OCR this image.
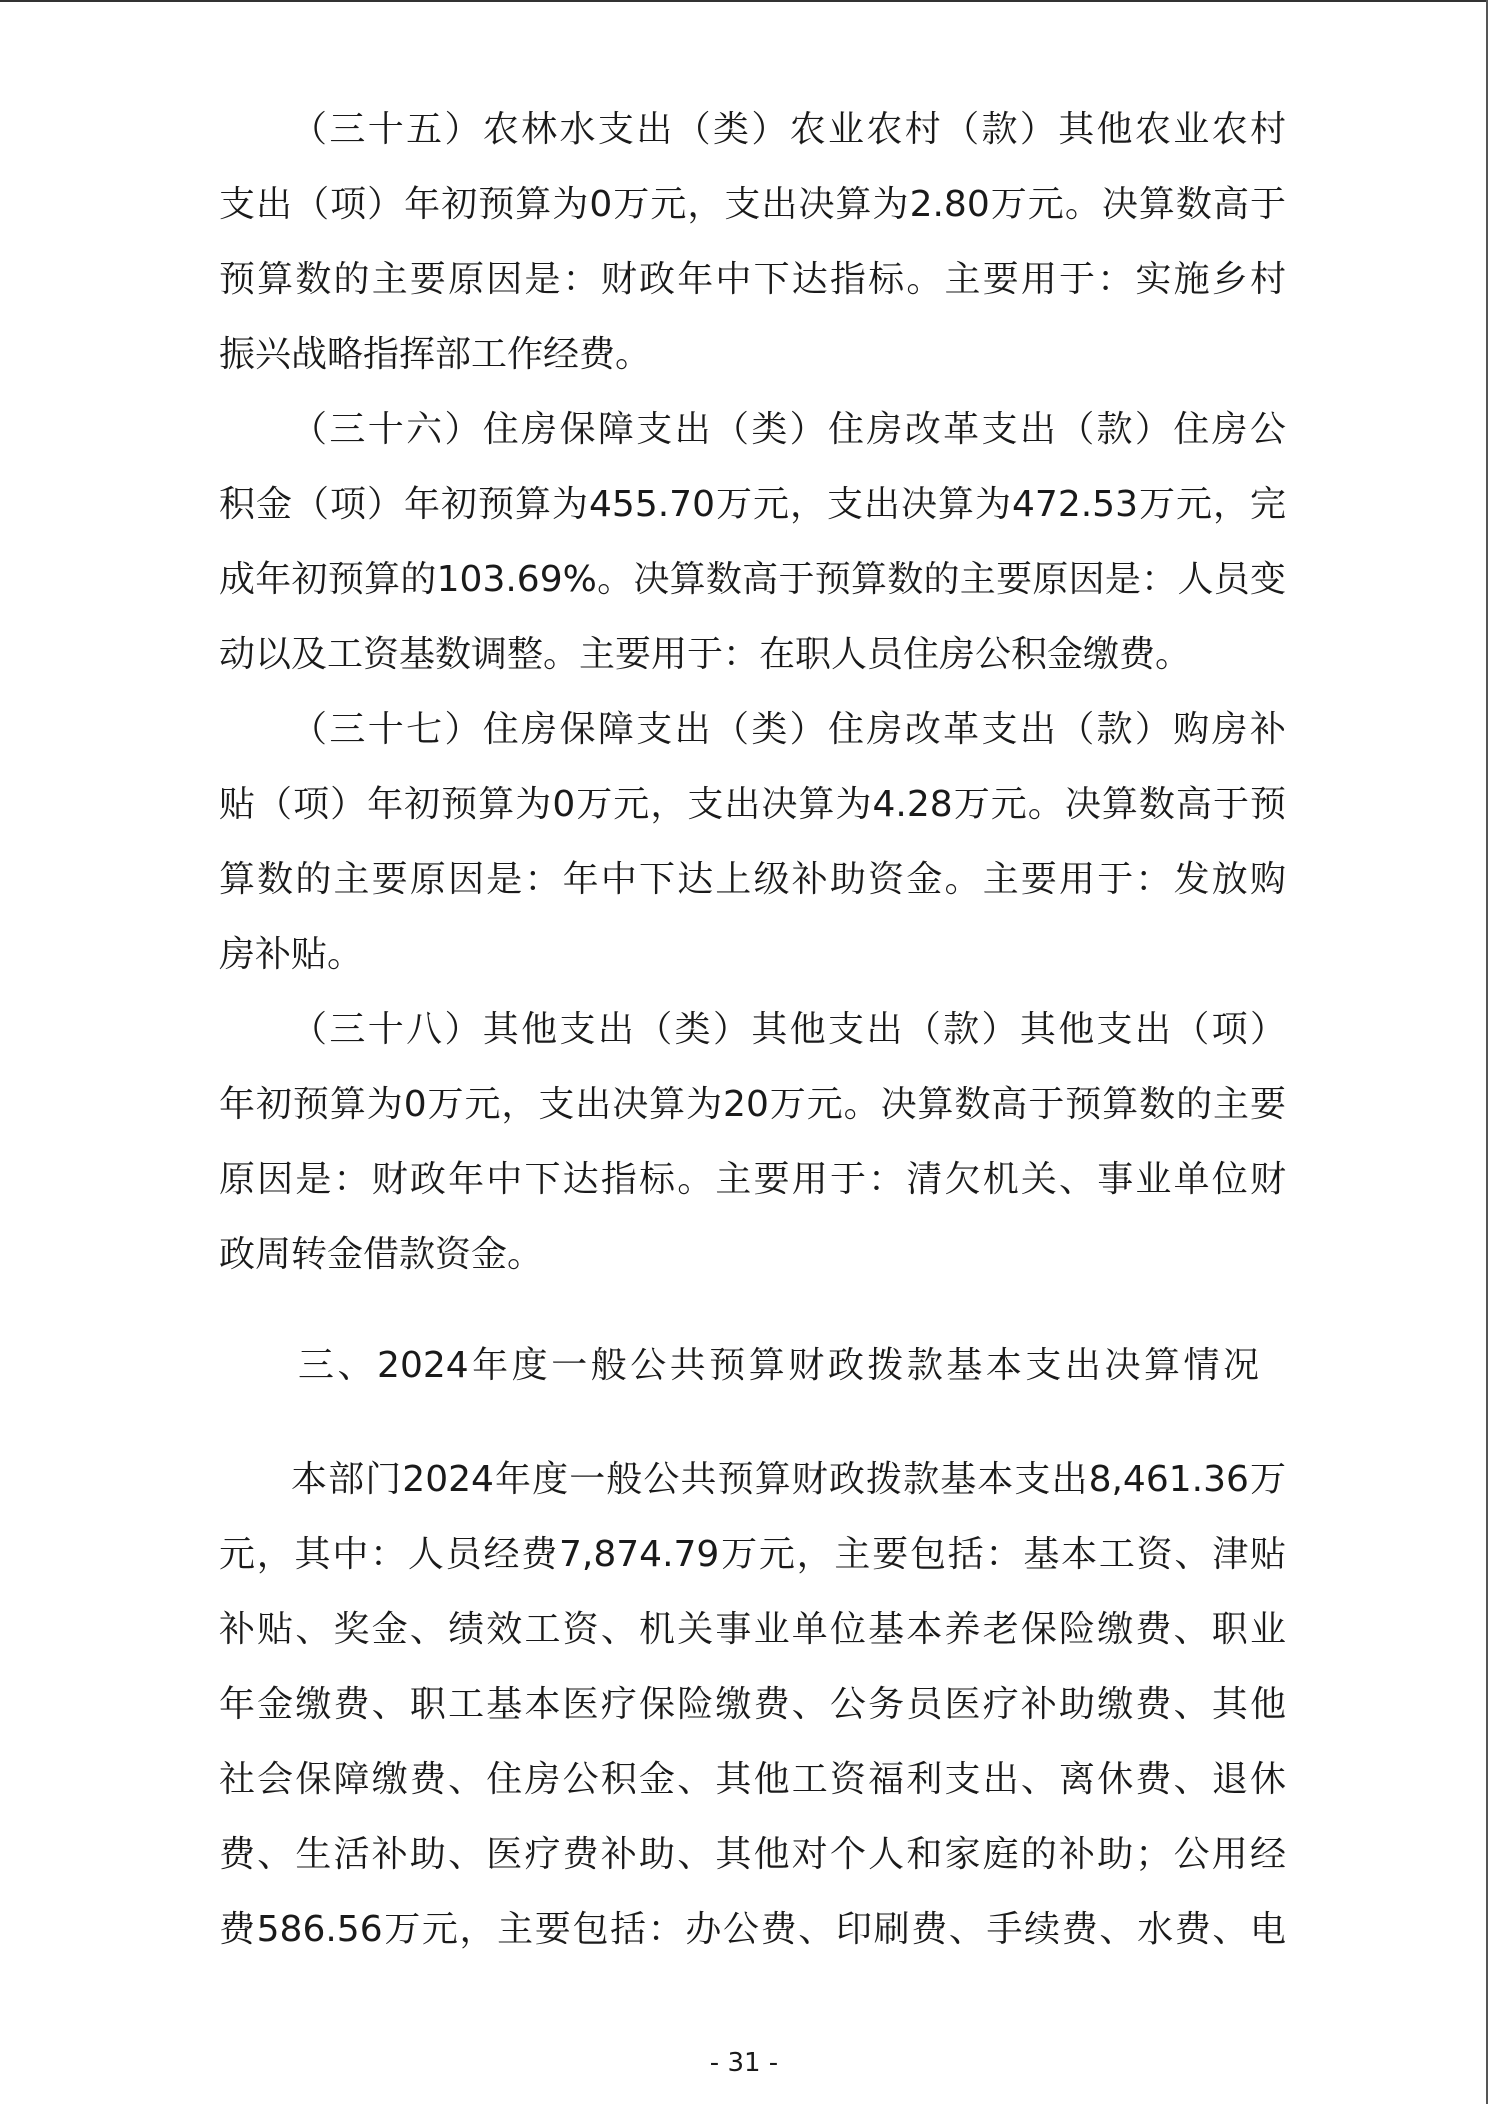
（三十五）农林水支出（类）农业农村（款）其他农业农村
支出（项）年初预算为0万元，支出决算为2.80万元。决算数高于
预算数的主要原因是：财政年中下达指标。主要用于：实施乡村
振兴战略指挥部工作经费。
（三十六）住房保障支出（类）住房改革支出（款）住房公
积金（项）年初预算为455.70万元，支出决算为472.53万元，完
成年初预算的103.69%。决算数高于预算数的主要原因是：人员变
动以及工资基数调整。主要用于：在职人员住房公积金缴费。
（三十七）住房保障支出（类）住房改革支出（款）购房补
贴（项）年初预算为0万元，支出决算为4.28万元。决算数高于预
算数的主要原因是：年中下达上级补助资金。主要用于：发放购
房补贴。
（三十八）其他支出（类）其他支出（款）其他支出（项）
年初预算为0万元，支出决算为20万元。决算数高于预算数的主要
原因是：财政年中下达指标。主要用于：清欠机关、事业单位财
政周转金借款资金。
三、2024年度一般公共预算财政拨款基本支出决算情况
本部门2024年度一般公共预算财政拨款基本支出8,461.36万
元，其中：人员经费7,874.79万元，主要包括：基本工资、津贴
补贴、奖金、绩效工资、机关事业单位基本养老保险缴费、职业
年金缴费、职工基本医疗保险缴费、公务员医疗补助缴费、其他
社会保障缴费、住房公积金、其他工资福利支出、离休费、退休
费、生活补助、医疗费补助、其他对个人和家庭的补助；公用经
费586.56万元，主要包括：办公费、印刷费、手续费、水费、电
- 31 -
